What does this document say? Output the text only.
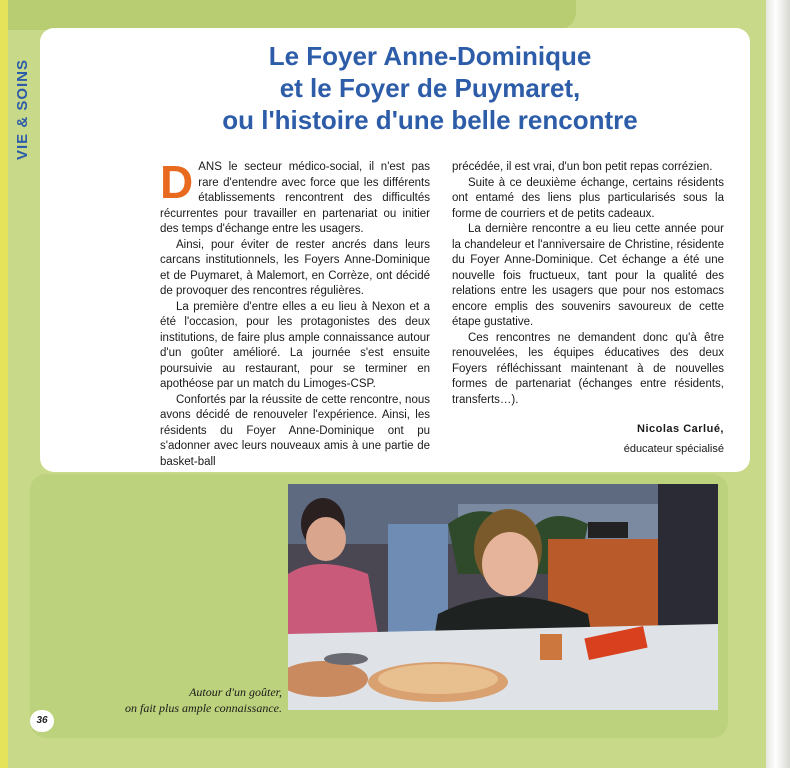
VIE & SOINS
Le Foyer Anne-Dominique
et le Foyer de Puymaret,
ou l'histoire d'une belle rencontre

DANS le secteur médico-social, il n'est pas rare d'entendre avec force que les différents établissements rencontrent des difficultés récurrentes pour travailler en partenariat ou initier des temps d'échange entre les usagers.

Ainsi, pour éviter de rester ancrés dans leurs carcans institutionnels, les Foyers Anne-Dominique et de Puymaret, à Malemort, en Corrèze, ont décidé de provoquer des rencontres régulières.

La première d'entre elles a eu lieu à Nexon et a été l'occasion, pour les protagonistes des deux institutions, de faire plus ample connaissance autour d'un goûter amélioré. La journée s'est ensuite poursuivie au restaurant, pour se terminer en apothéose par un match du Limoges-CSP.

Confortés par la réussite de cette rencontre, nous avons décidé de renouveler l'expérience. Ainsi, les résidents du Foyer Anne-Dominique ont pu s'adonner avec leurs nouveaux amis à une partie de basket-ball

précédée, il est vrai, d'un bon petit repas corrézien.

Suite à ce deuxième échange, certains résidents ont entamé des liens plus particularisés sous la forme de courriers et de petits cadeaux.

La dernière rencontre a eu lieu cette année pour la chandeleur et l'anniversaire de Christine, résidente du Foyer Anne-Dominique. Cet échange a été une nouvelle fois fructueux, tant pour la qualité des relations entre les usagers que pour nos estomacs encore emplis des souvenirs savoureux de cette étape gustative.

Ces rencontres ne demandent donc qu'à être renouvelées, les équipes éducatives des deux Foyers réfléchissant maintenant à de nouvelles formes de partenariat (échanges entre résidents, transferts…).

Nicolas Carlué,
éducateur spécialisé
Autour d'un goûter,
on fait plus ample connaissance.
36
